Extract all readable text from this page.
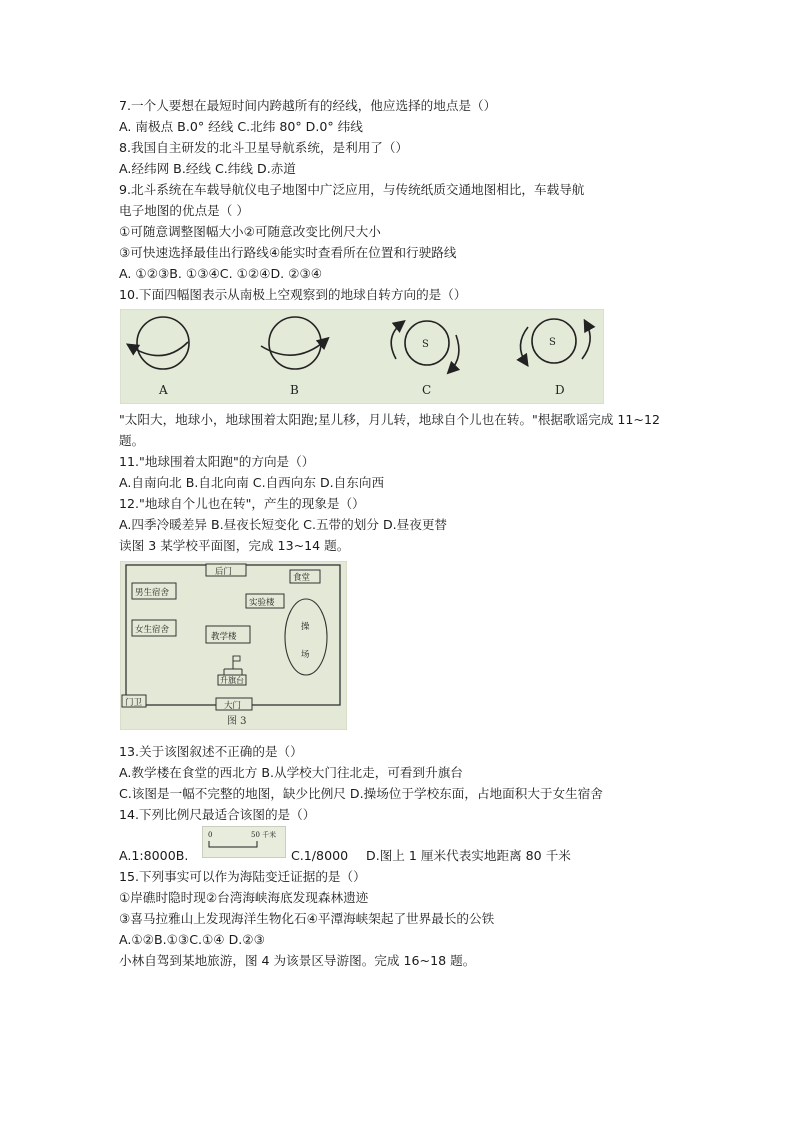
7.一个人要想在最短时间内跨越所有的经线，他应选择的地点是（）
A. 南极点 B.0° 经线 C.北纬 80° D.0° 纬线
8.我国自主研发的北斗卫星导航系统，是利用了（）
A.经纬网 B.经线 C.纬线 D.赤道
9.北斗系统在车载导航仪电子地图中广泛应用，与传统纸质交通地图相比，车载导航
电子地图的优点是（ ）
①可随意调整图幅大小②可随意改变比例尺大小
③可快速选择最佳出行路线④能实时查看所在位置和行驶路线
A. ①②③B. ①③④C. ①②④D. ②③④
10.下面四幅图表示从南极上空观察到的地球自转方向的是（）
A	B
S
C
S
D
"太阳大，地球小，地球围着太阳跑;星儿移，月儿转，地球自个儿也在转。"根据歌谣完成 11~12
题。
11."地球围着太阳跑"的方向是（）
A.自南向北 B.自北向南 C.自西向东 D.自东向西
12."地球自个儿也在转"，产生的现象是（）
A.四季冷暖差异 B.昼夜长短变化 C.五带的划分 D.昼夜更替
读图 3 某学校平面图，完成 13~14 题。
后门
食堂
男生宿舍
实验楼
操
场
女生宿舍
教学楼
升旗台
门卫	大门
图 3
13.关于该图叙述不正确的是（）
A.教学楼在食堂的西北方 B.从学校大门往北走，可看到升旗台
C.该图是一幅不完整的地图，缺少比例尺 D.操场位于学校东面，占地面积大于女生宿舍
14.下列比例尺最适合该图的是（）
A.1:8000B.
0	50 千米
C.1/8000 D.图上 1 厘米代表实地距离 80 千米
15.下列事实可以作为海陆变迁证据的是（）
①岸礁时隐时现②台湾海峡海底发现森林遗迹
③喜马拉雅山上发现海洋生物化石④平潭海峡架起了世界最长的公铁
A.①②B.①③C.①④ D.②③
小林自驾到某地旅游，图 4 为该景区导游图。完成 16~18 题。
